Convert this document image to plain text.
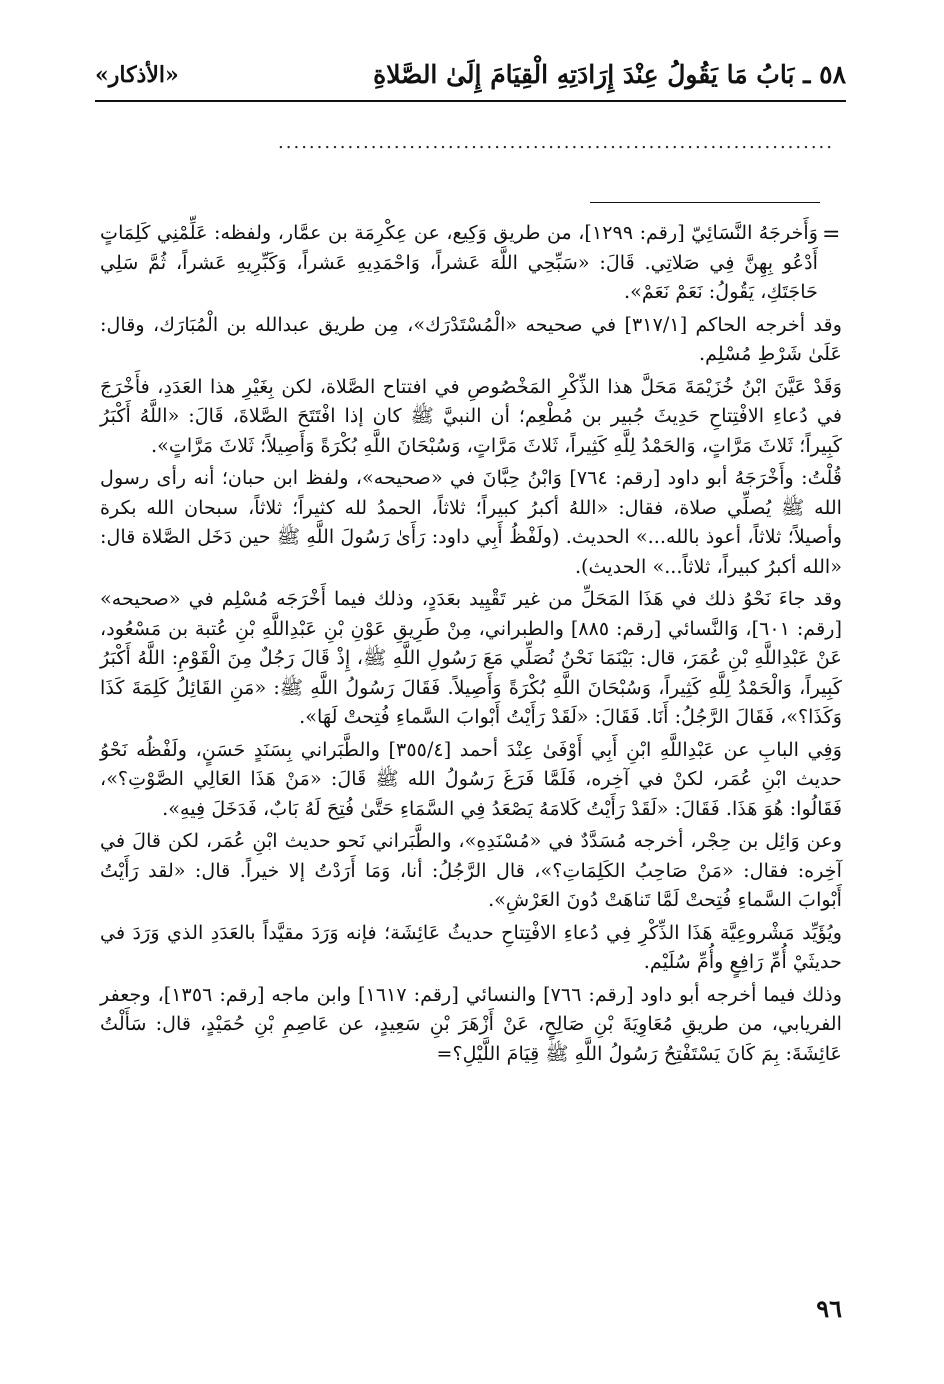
٥٨ ـ بَابُ مَا يَقُولُ عِنْدَ إِرَادَتِهِ الْقِيَامَ إِلَىٰ الصَّلاةِ
«الأذكار»
........................................................................
=

وَأَخرجَهُ النَّسَائِيّ [رقم: ١٢٩٩]، من طريق وَكِيع، عن عِكْرِمَة بن عمَّار، ولفظه: عَلِّمْنِي كَلِمَاتٍ أَدْعُو بِهِنَّ فِي صَلاتِي. قَالَ: «سَبِّحِي اللَّهَ عَشراً، وَاحْمَدِيهِ عَشراً، وَكَبِّرِيهِ عَشراً، ثُمَّ سَلِي حَاجَتَكِ، يَقُولُ: نَعَمْ نَعَمْ».

وقد أخرجه الحاكم [٣١٧/١] في صحيحه «الْمُسْتَدْرَك»، مِن طريق عبدالله بن الْمُبَارَك، وقال: عَلَىٰ شَرْطِ مُسْلِم.

وَقَدْ عَيَّنَ ابْنُ خُزَيْمَةَ مَحَلَّ هذا الذِّكْرِ المَخْصُوصِ في افتتاح الصَّلاة، لكن بِغَيْرِ هذا العَدَدِ، فأَخْرَجَ في دُعاءِ الافْتِتاحِ حَدِيثَ جُبير بن مُطْعِم؛ أن النبيَّ ﷺ كان إذا افْتَتَحَ الصَّلاةَ، قَالَ: «اللَّهُ أَكْبَرُ كَبِيراً؛ ثَلاثَ مَرَّاتٍ، وَالحَمْدُ لِلَّهِ كَثِيراً، ثَلاثَ مَرَّاتٍ، وَسُبْحَانَ اللَّهِ بُكْرَةً وَأَصِيلاً؛ ثَلاثَ مَرَّاتٍ».

قُلْتُ: وأَخْرَجَهُ أبو داود [رقم: ٧٦٤] وَابْنُ حِبَّانَ في «صحيحه»، ولفظ ابن حبان؛ أنه رأى رسول الله ﷺ يُصلِّي صلاة، فقال: «اللهُ أكبرُ كبيراً؛ ثلاثاً، الحمدُ لله كثيراً؛ ثلاثاً، سبحان الله بكرة وأصيلاً؛ ثلاثاً، أعوذ بالله...» الحديث. (ولَفْظُ أَبِي داود: رَأَىٰ رَسُولَ اللَّهِ ﷺ حين دَخَل الصَّلاة قال: «الله أكبرُ كبيراً، ثلاثاً...» الحديث).

وقد جاءَ نَحْوُ ذلك في هَذَا المَحَلِّ من غير تَقْيِيد بعَدَدٍ، وذلك فيما أَخْرَجَه مُسْلِم في «صحيحه» [رقم: ٦٠١]، وَالنَّسائي [رقم: ٨٨٥] والطبراني، مِنْ طَرِيقِ عَوْنِ بْنِ عَبْدِاللَّهِ بْنِ عُتبة بن مَسْعُود، عَنْ عَبْدِاللَّهِ بْنِ عُمَرَ، قال: بَيْنَمَا نَحْنُ نُصَلِّي مَعَ رَسُولِ اللَّهِ ﷺ، إِذْ قَالَ رَجُلٌ مِنَ الْقَوْمِ: اللَّهُ أَكْبَرُ كَبِيراً، وَالْحَمْدُ لِلَّهِ كَثِيراً، وَسُبْحَانَ اللَّهِ بُكْرَةً وَأَصِيلاً. فَقَالَ رَسُولُ اللَّهِ ﷺ: «مَنِ القَائِلُ كَلِمَةَ كَذَا وَكَذَا؟»، فَقَالَ الرَّجُلُ: أَنَا. فَقَالَ: «لَقَدْ رَأَيْتُ أَبْوابَ السَّماءِ فُتِحتْ لَهَا».

وَفِي البابِ عن عَبْدِاللَّهِ ابْنِ أَبِي أَوْفَىٰ عِنْدَ أحمد [٣٥٥/٤] والطَّبَراني بِسَنَدٍ حَسَنٍ، ولَفْظُه نَحْوُ حديث ابْنِ عُمَر، لكنْ في آخِره، فَلَمَّا فَرَغَ رَسُولُ الله ﷺ قَالَ: «مَنْ هَذَا العَالِي الصَّوْتِ؟»، فَقَالُوا: هُوَ هَذَا. فَقَالَ: «لَقَدْ رَأَيْتُ كَلامَهُ يَصْعَدُ فِي السَّمَاءِ حَتَّىٰ فُتِحَ لَهُ بَابٌ، فَدَخَلَ فِيهِ».

وعن وَائِل بن حِجْر، أخرجه مُسَدَّدٌ في «مُسْنَدِهِ»، والطَّبَراني نَحو حديث ابْنِ عُمَر، لكن قالَ في آخِره: فقال: «مَنْ صَاحِبُ الكَلِمَاتِ؟»، قال الرَّجُلُ: أنا، وَمَا أَرَدْتُ إلا خيراً. قال: «لقد رَأَيْتُ أَبْوابَ السَّماءِ فُتِحتْ لَمَّا تَناهَتْ دُونَ العَرْشِ».

ويُؤَيِّد مَشْروعِيَّة هَذَا الذِّكْرِ فِي دُعاءِ الافْتِتاحِ حديثُ عَائِشَة؛ فإنه وَرَدَ مقيَّداً بالعَدَدِ الذي وَرَدَ في حديثَيْ أُمِّ رَافِعٍ وأُمِّ سُلَيْم.

وذلك فيما أخرجه أبو داود [رقم: ٧٦٦] والنسائي [رقم: ١٦١٧] وابن ماجه [رقم: ١٣٥٦]، وجعفر الفريابي، من طريقِ مُعَاوِيَةَ بْنِ صَالِحٍ، عَنْ أَزْهَرَ بْنِ سَعِيدٍ، عن عَاصِمِ بْنِ حُمَيْدٍ، قال: سَأَلْتُ عَائِشَةَ: بِمَ كَانَ يَسْتَفْتِحُ رَسُولُ اللَّهِ ﷺ قِيَامَ اللَّيْلِ؟=

٩٦
